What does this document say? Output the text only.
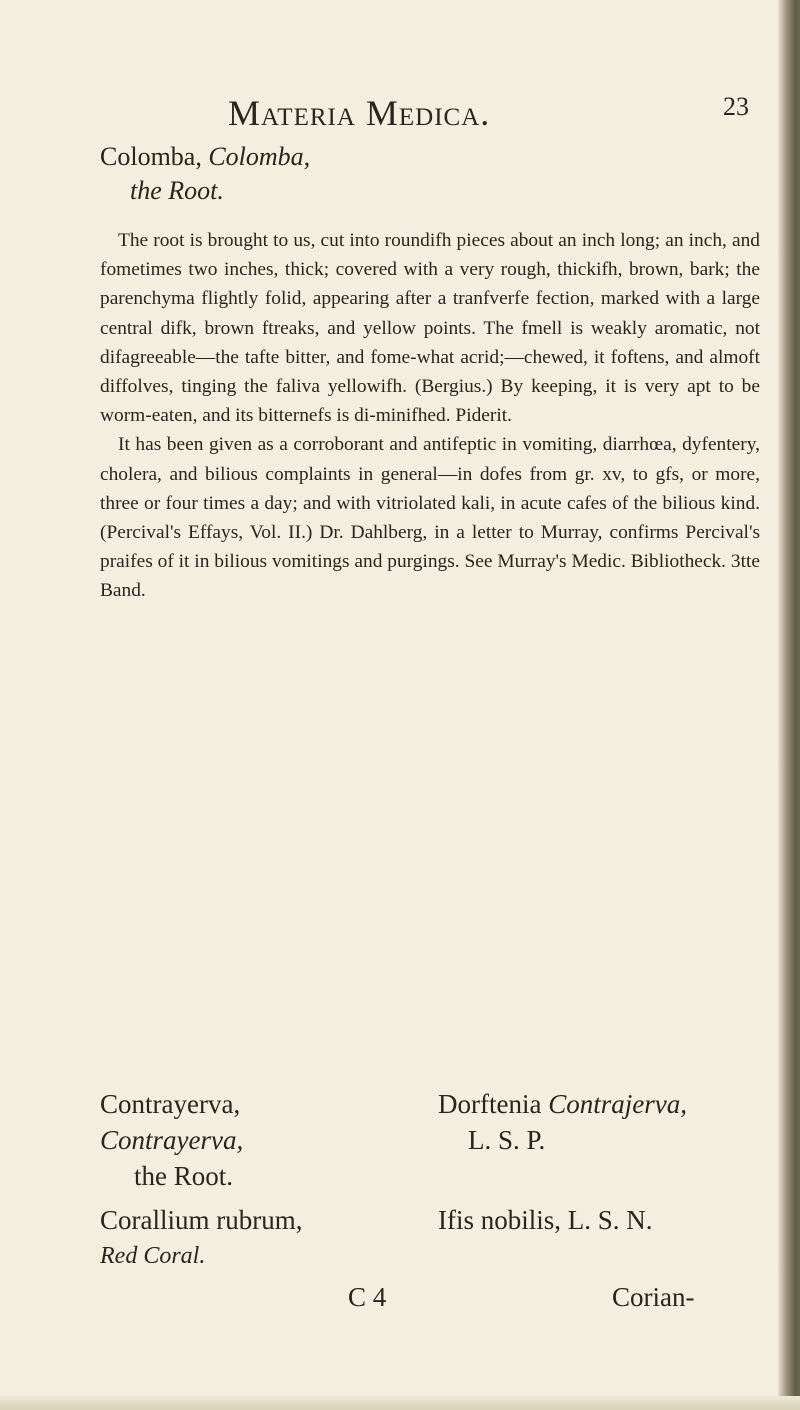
Materia Medica.	23
Colomba, Colomba,
the Root.

The root is brought to us, cut into roundifh pieces about an inch long; an inch, and fometimes two inches, thick; covered with a very rough, thickifh, brown, bark; the parenchyma flightly folid, appearing after a tranfverfe fection, marked with a large central difk, brown ftreaks, and yellow points. The fmell is weakly aromatic, not difagreeable—the tafte bitter, and fome-what acrid;—chewed, it foftens, and almoft diffolves, tinging the faliva yellowifh. (Bergius.) By keeping, it is very apt to be worm-eaten, and its bitternefs is di-minifhed. Piderit.

It has been given as a corroborant and antifeptic in vomiting, diarrhœa, dyfentery, cholera, and bilious complaints in general—in dofes from gr. xv, to gfs, or more, three or four times a day; and with vitriolated kali, in acute cafes of the bilious kind. (Percival's Effays, Vol. II.) Dr. Dahlberg, in a letter to Murray, confirms Percival's praifes of it in bilious vomitings and purgings. See Murray's Medic. Bibliotheck. 3tte Band.

Contrayerva,
Contrayerva,
the Root.
Dorftenia Contrajerva,
L. S. P.
Corallium rubrum,
Red Coral.
Ifis nobilis, L. S. N.
C 4	Corian-
